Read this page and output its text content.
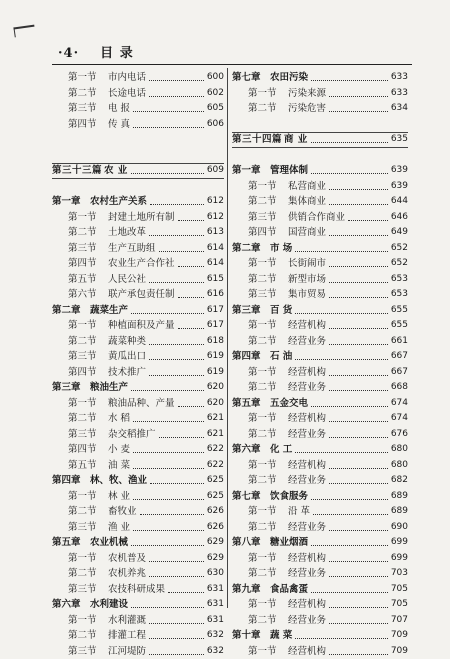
·4· 目 录
第一节 市内电话	600
第二节 长途电话	602
第三节 电 报	605
第四节 传 真	606
第三十三篇 农 业	609
第一章 农村生产关系	612
第一节 封建土地所有制	612
第二节 土地改革	613
第三节 生产互助组	614
第四节 农业生产合作社	614
第五节 人民公社	615
第六节 联产承包责任制	616
第二章 蔬菜生产	617
第一节 种植面积及产量	617
第二节 蔬菜种类	618
第三节 黄瓜出口	619
第四节 技术推广	619
第三章 粮油生产	620
第一节 粮油品种、产量	620
第二节 水 稻	621
第三节 杂交稻推广	621
第四节 小 麦	622
第五节 油 菜	622
第四章 林、牧、渔业	625
第一节 林 业	625
第二节 畜牧业	626
第三节 渔 业	626
第五章 农业机械	629
第一节 农机普及	629
第二节 农机养兆	630
第三节 农技科研成果	631
第六章 水利建设	631
第一节 水利灌溉	631
第二节 排灌工程	632
第三节 江河堤防	632
第七章 农田污染	633
第一节 污染来源	633
第二节 污染危害	634
第三十四篇 商 业	635
第一章 管理体制	639
第一节 私营商业	639
第二节 集体商业	644
第三节 供销合作商业	646
第四节 国营商业	649
第二章 市 场	652
第一节 长街闹市	652
第二节 新型市场	653
第三节 集市贸易	653
第三章 百 货	655
第一节 经营机构	655
第二节 经营业务	661
第四章 石 油	667
第一节 经营机构	667
第二节 经营业务	668
第五章 五金交电	674
第一节 经营机构	674
第二节 经营业务	676
第六章 化 工	680
第一节 经营机构	680
第二节 经营业务	682
第七章 饮食服务	689
第一节 沿 革	689
第二节 经营业务	690
第八章 糖业烟酒	699
第一节 经营机构	699
第二节 经营业务	703
第九章 食品禽蛋	705
第一节 经营机构	705
第二节 经营业务	707
第十章 蔬 菜	709
第一节 经营机构	709
